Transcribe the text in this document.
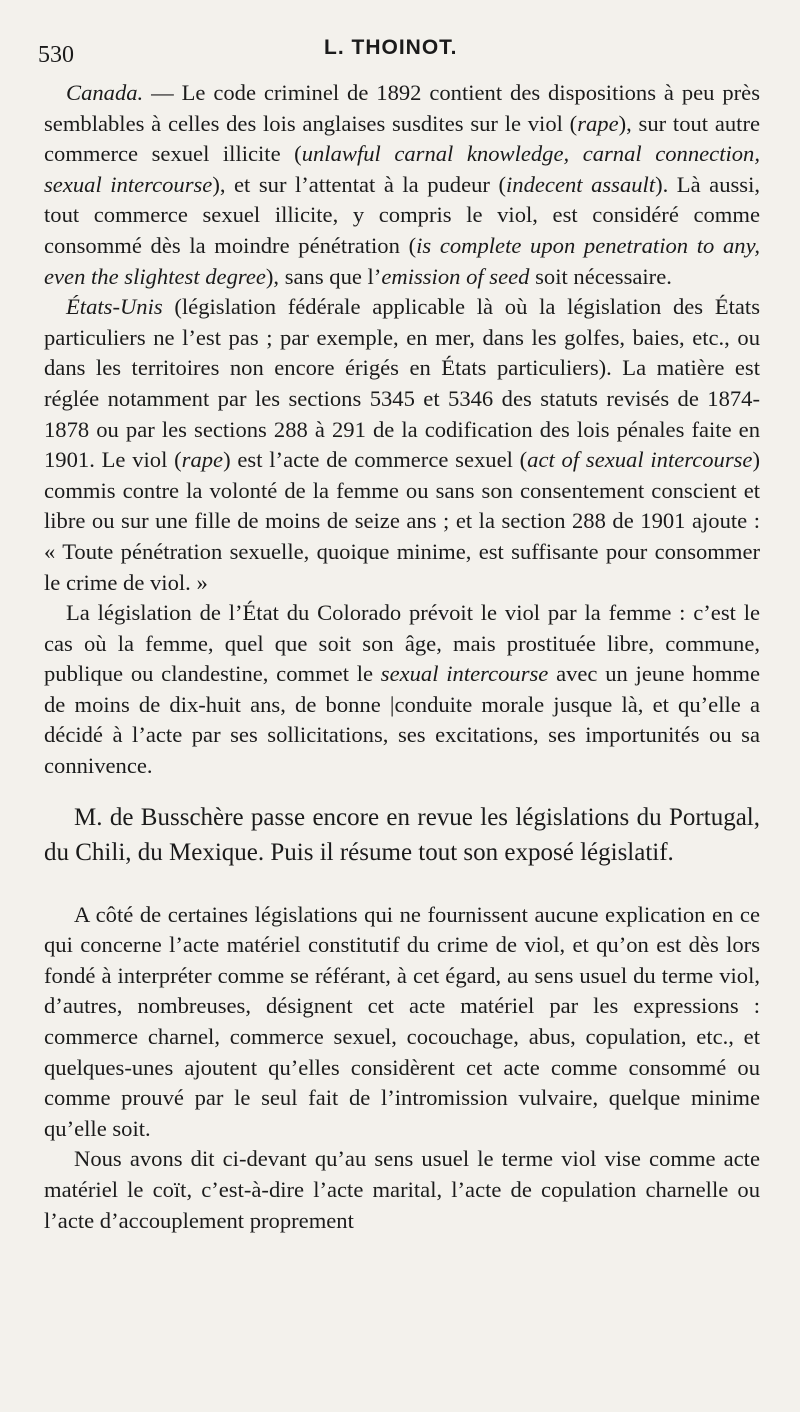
530	L. THOINOT.

Canada. — Le code criminel de 1892 contient des dispositions à peu près semblables à celles des lois anglaises susdites sur le viol (rape), sur tout autre commerce sexuel illicite (unlawful carnal knowledge, carnal connection, sexual intercourse), et sur l’attentat à la pudeur (indecent assault). Là aussi, tout commerce sexuel illicite, y compris le viol, est considéré comme consommé dès la moindre pénétration (is complete upon penetration to any, even the slightest degree), sans que l’emission of seed soit nécessaire.

États-Unis (législation fédérale applicable là où la législation des États particuliers ne l’est pas ; par exemple, en mer, dans les golfes, baies, etc., ou dans les territoires non encore érigés en États particuliers). La matière est réglée notamment par les sections 5345 et 5346 des statuts revisés de 1874-1878 ou par les sections 288 à 291 de la codification des lois pénales faite en 1901. Le viol (rape) est l’acte de commerce sexuel (act of sexual intercourse) commis contre la volonté de la femme ou sans son consentement conscient et libre ou sur une fille de moins de seize ans ; et la section 288 de 1901 ajoute : « Toute pénétration sexuelle, quoique minime, est suffisante pour consommer le crime de viol. »

La législation de l’État du Colorado prévoit le viol par la femme : c’est le cas où la femme, quel que soit son âge, mais prostituée libre, commune, publique ou clandestine, commet le sexual intercourse avec un jeune homme de moins de dix-huit ans, de bonne |conduite morale jusque là, et qu’elle a décidé à l’acte par ses sollicitations, ses excitations, ses importunités ou sa connivence.

M. de Busschère passe encore en revue les législations du Portugal, du Chili, du Mexique. Puis il résume tout son exposé législatif.

A côté de certaines législations qui ne fournissent aucune explication en ce qui concerne l’acte matériel constitutif du crime de viol, et qu’on est dès lors fondé à interpréter comme se référant, à cet égard, au sens usuel du terme viol, d’autres, nombreuses, désignent cet acte matériel par les expressions : commerce charnel, commerce sexuel, cocouchage, abus, copulation, etc., et quelques-unes ajoutent qu’elles considèrent cet acte comme consommé ou comme prouvé par le seul fait de l’intromission vulvaire, quelque minime qu’elle soit.

Nous avons dit ci-devant qu’au sens usuel le terme viol vise comme acte matériel le coït, c’est-à-dire l’acte marital, l’acte de copulation charnelle ou l’acte d’accouplement proprement
